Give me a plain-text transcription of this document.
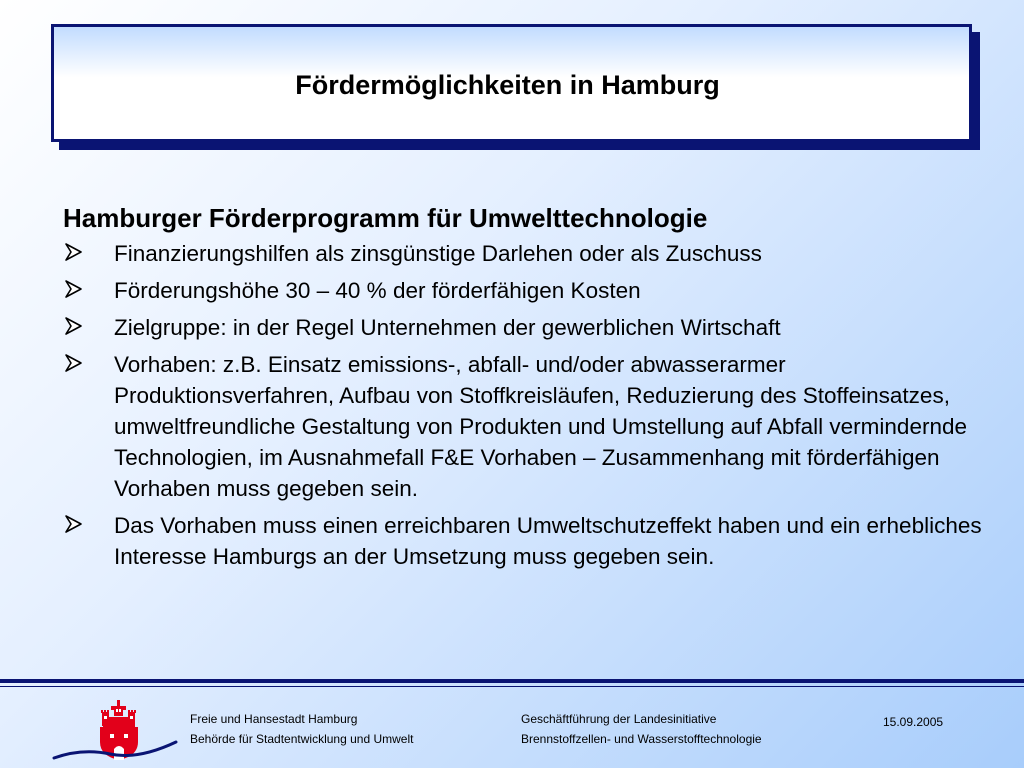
Fördermöglichkeiten in Hamburg
Hamburger Förderprogramm für Umwelttechnologie
Finanzierungshilfen als zinsgünstige Darlehen oder als Zuschuss
Förderungshöhe 30 – 40 % der förderfähigen Kosten
Zielgruppe: in der Regel Unternehmen der gewerblichen Wirtschaft
Vorhaben: z.B. Einsatz emissions-, abfall- und/oder abwasserarmer Produktionsverfahren, Aufbau von Stoffkreisläufen, Reduzierung des Stoffeinsatzes, umweltfreundliche Gestaltung von Produkten und Umstellung auf Abfall vermindernde Technologien, im Ausnahmefall F&E Vorhaben – Zusammenhang mit förderfähigen Vorhaben muss gegeben sein.
Das Vorhaben muss einen erreichbaren Umweltschutzeffekt haben und ein erhebliches Interesse Hamburgs an der Umsetzung muss gegeben sein.
Freie und Hansestadt Hamburg
Behörde für Stadtentwicklung und Umwelt
Geschäftführung der Landesinitiative
Brennstoffzellen- und Wasserstofftechnologie
15.09.2005
